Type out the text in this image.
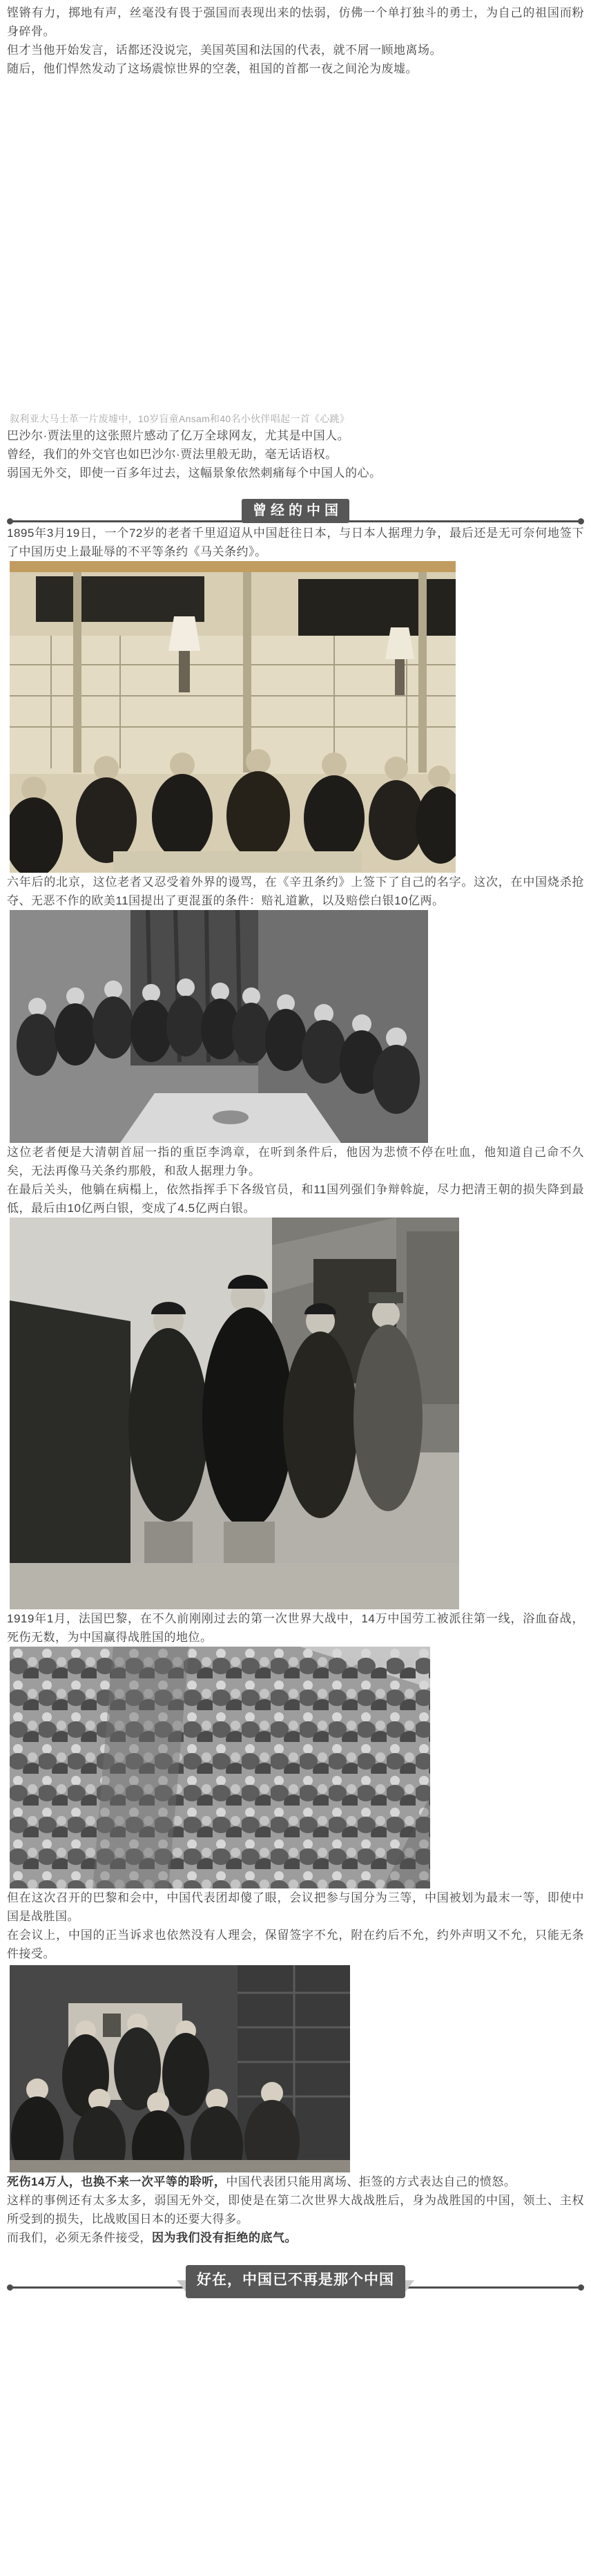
铿锵有力，掷地有声，丝毫没有畏于强国而表现出来的怯弱，仿佛一个单打独斗的勇士，为自己的祖国而粉身碎骨。

但才当他开始发言，话都还没说完，美国英国和法国的代表，就不屑一顾地离场。

随后，他们悍然发动了这场震惊世界的空袭，祖国的首都一夜之间沦为废墟。

叙利亚大马士革一片废墟中，10岁盲童Ansam和40名小伙伴唱起一首《心跳》

巴沙尔·贾法里的这张照片感动了亿万全球网友，尤其是中国人。

曾经，我们的外交官也如巴沙尔·贾法里般无助，毫无话语权。

弱国无外交，即使一百多年过去，这幅景象依然刺痛每个中国人的心。

曾经的中国

1895年3月19日，一个72岁的老者千里迢迢从中国赶往日本，与日本人据理力争，最后还是无可奈何地签下了中国历史上最耻辱的不平等条约《马关条约》。

六年后的北京，这位老者又忍受着外界的谩骂，在《辛丑条约》上签下了自己的名字。这次，在中国烧杀抢夺、无恶不作的欧美11国提出了更混蛋的条件：赔礼道歉，以及赔偿白银10亿两。

这位老者便是大清朝首屈一指的重臣李鸿章，在听到条件后，他因为悲愤不停在吐血，他知道自己命不久矣，无法再像马关条约那般，和敌人据理力争。

在最后关头，他躺在病榻上，依然指挥手下各级官员，和11国列强们争辩斡旋，尽力把清王朝的损失降到最低，最后由10亿两白银，变成了4.5亿两白银。

1919年1月，法国巴黎，在不久前刚刚过去的第一次世界大战中，14万中国劳工被派往第一线，浴血奋战，死伤无数，为中国赢得战胜国的地位。

但在这次召开的巴黎和会中，中国代表团却傻了眼，会议把参与国分为三等，中国被划为最末一等，即使中国是战胜国。

在会议上，中国的正当诉求也依然没有人理会，保留签字不允，附在约后不允，约外声明又不允，只能无条件接受。

死伤14万人，也换不来一次平等的聆听，中国代表团只能用离场、拒签的方式表达自己的愤怒。

这样的事例还有太多太多，弱国无外交，即使是在第二次世界大战战胜后，身为战胜国的中国，领土、主权所受到的损失，比战败国日本的还要大得多。

而我们，必须无条件接受，因为我们没有拒绝的底气。

好在，中国已不再是那个中国
